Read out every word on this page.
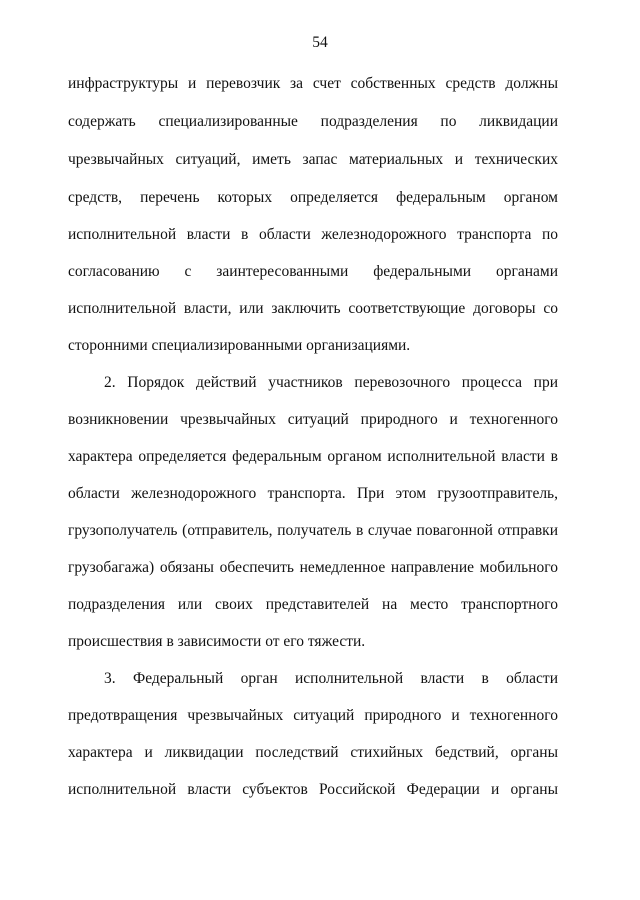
54
инфраструктуры и перевозчик за счет собственных средств должны
содержать специализированные подразделения по ликвидации
чрезвычайных ситуаций, иметь запас материальных и технических
средств, перечень которых определяется федеральным органом
исполнительной власти в области железнодорожного транспорта по
согласованию с заинтересованными федеральными органами
исполнительной власти, или заключить соответствующие договоры со
сторонними специализированными организациями.
2. Порядок действий участников перевозочного процесса при
возникновении чрезвычайных ситуаций природного и техногенного
характера определяется федеральным органом исполнительной власти в
области железнодорожного транспорта. При этом грузоотправитель,
грузополучатель (отправитель, получатель в случае повагонной отправки
грузобагажа) обязаны обеспечить немедленное направление мобильного
подразделения или своих представителей на место транспортного
происшествия в зависимости от его тяжести.
3. Федеральный орган исполнительной власти в области
предотвращения чрезвычайных ситуаций природного и техногенного
характера и ликвидации последствий стихийных бедствий, органы
исполнительной власти субъектов Российской Федерации и органы
